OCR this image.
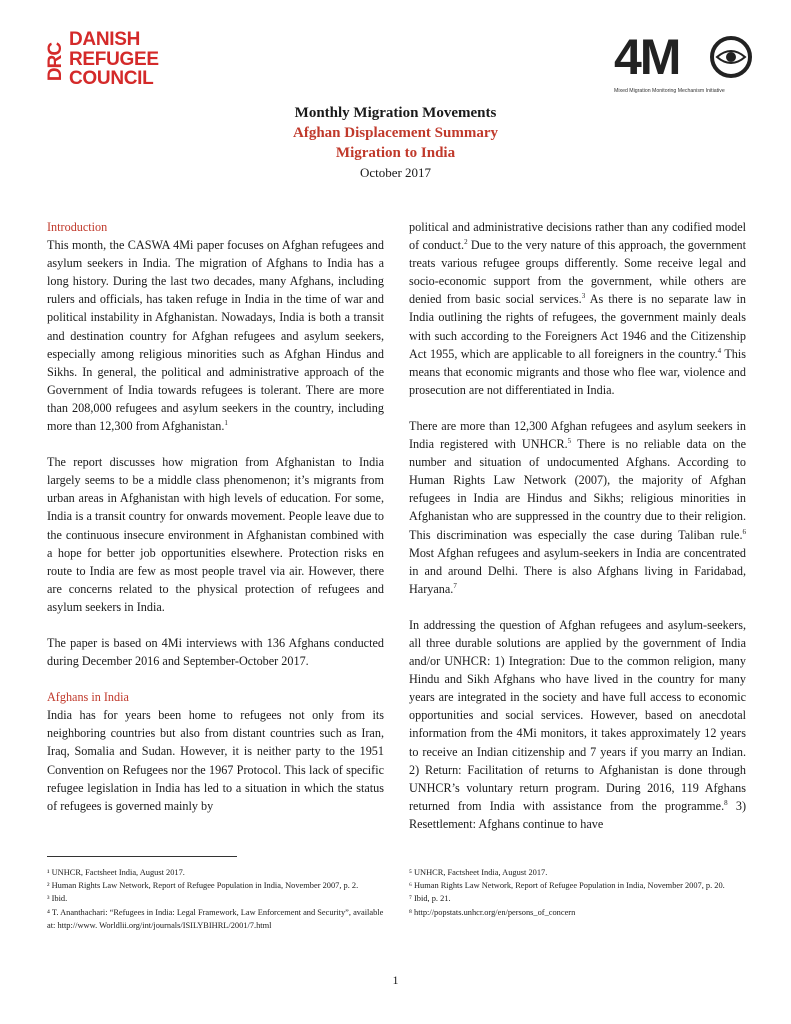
DRC
DANISH
REFUGEE
COUNCIL	4M
Mixed Migration Monitoring Mechanism Initiative
Monthly Migration Movements
Afghan Displacement Summary
Migration to India
October 2017
Introduction

This month, the CASWA 4Mi paper focuses on Afghan refugees and asylum seekers in India. The migration of Afghans to India has a long history. During the last two decades, many Afghans, including rulers and officials, has taken refuge in India in the time of war and political instability in Afghanistan. Nowadays, India is both a transit and destination country for Afghan refugees and asylum seekers, especially among religious minorities such as Afghan Hindus and Sikhs. In general, the political and administrative approach of the Government of India towards refugees is tolerant. There are more than 208,000 refugees and asylum seekers in the country, including more than 12,300 from Afghanistan.$^1$

The report discusses how migration from Afghanistan to India largely seems to be a middle class phenomenon; it’s migrants from urban areas in Afghanistan with high levels of education. For some, India is a transit country for onwards movement. People leave due to the continuous insecure environment in Afghanistan combined with a hope for better job opportunities elsewhere. Protection risks en route to India are few as most people travel via air. However, there are concerns related to the physical protection of refugees and asylum seekers in India.

The paper is based on 4Mi interviews with 136 Afghans conducted during December 2016 and September-October 2017.

Afghans in India

India has for years been home to refugees not only from its neighboring countries but also from distant countries such as Iran, Iraq, Somalia and Sudan. However, it is neither party to the 1951 Convention on Refugees nor the 1967 Protocol. This lack of specific refugee legislation in India has led to a situation in which the status of refugees is governed mainly by

political and administrative decisions rather than any codified model of conduct.$^2$ Due to the very nature of this approach, the government treats various refugee groups differently. Some receive legal and socio-economic support from the government, while others are denied from basic social services.$^3$ As there is no separate law in India outlining the rights of refugees, the government mainly deals with such according to the Foreigners Act 1946 and the Citizenship Act 1955, which are applicable to all foreigners in the country.$^4$ This means that economic migrants and those who flee war, violence and prosecution are not differentiated in India.

There are more than 12,300 Afghan refugees and asylum seekers in India registered with UNHCR.$^5$ There is no reliable data on the number and situation of undocumented Afghans. According to Human Rights Law Network (2007), the majority of Afghan refugees in India are Hindus and Sikhs; religious minorities in Afghanistan who are suppressed in the country due to their religion. This discrimination was especially the case during Taliban rule.$^6$ Most Afghan refugees and asylum-seekers in India are concentrated in and around Delhi. There is also Afghans living in Faridabad, Haryana.$^7$

In addressing the question of Afghan refugees and asylum-seekers, all three durable solutions are applied by the government of India and/or UNHCR: 1) Integration: Due to the common religion, many Hindu and Sikh Afghans who have lived in the country for many years are integrated in the society and have full access to economic opportunities and social services. However, based on anecdotal information from the 4Mi monitors, it takes approximately 12 years to receive an Indian citizenship and 7 years if you marry an Indian. 2) Return: Facilitation of returns to Afghanistan is done through UNHCR’s voluntary return program. During 2016, 119 Afghans returned from India with assistance from the programme.$^8$ 3) Resettlement: Afghans continue to have

¹ UNHCR, Factsheet India, August 2017.
² Human Rights Law Network, Report of Refugee Population in India, November 2007, p. 2.
³ Ibid.
⁴ T. Ananthachari: “Refugees in India: Legal Framework, Law Enforcement and Security”, available at: http://www. Worldlii.org/int/journals/ISILYBIHRL/2001/7.html
⁵ UNHCR, Factsheet India, August 2017.
⁶ Human Rights Law Network, Report of Refugee Population in India, November 2007, p. 20.
⁷ Ibid, p. 21.
⁸ http://popstats.unhcr.org/en/persons_of_concern
1
